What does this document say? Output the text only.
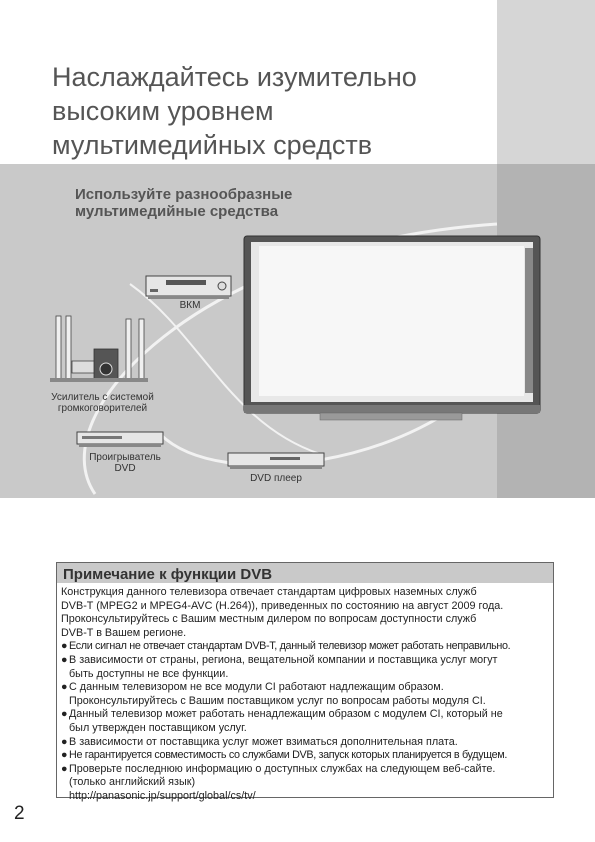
Наслаждайтесь изумительно
высоким уровнем
мультимедийных средств
Используйте разнообразные
мультимедийные средства
ВКМ
Усилитель с системой
громкоговорителей
Проигрыватель
DVD
DVD плеер
Примечание к функции DVB

Конструкция данного телевизора отвечает стандартам цифровых наземных служб

DVB-T (MPEG2 и MPEG4-AVC (H.264)), приведенных по состоянию на август 2009 года.

Проконсультируйтесь с Вашим местным дилером по вопросам доступности служб

DVB-T в Вашем регионе.

● Если сигнал не отвечает стандартам DVB-T, данный телевизор может работать неправильно.
● В зависимости от страны, региона, вещательной компании и поставщика услуг могут
быть доступны не все функции.
● С данным телевизором не все модули CI работают надлежащим образом.
Проконсультируйтесь с Вашим поставщиком услуг по вопросам работы модуля CI.
● Данный телевизор может работать ненадлежащим образом с модулем CI, который не
был утвержден поставщиком услуг.
● В зависимости от поставщика услуг может взиматься дополнительная плата.
● Не гарантируется совместимость со службами DVB, запуск которых планируется в будущем.
● Проверьте последнюю информацию о доступных службах на следующем веб-сайте.
(только английский язык)
http://panasonic.jp/support/global/cs/tv/
2
